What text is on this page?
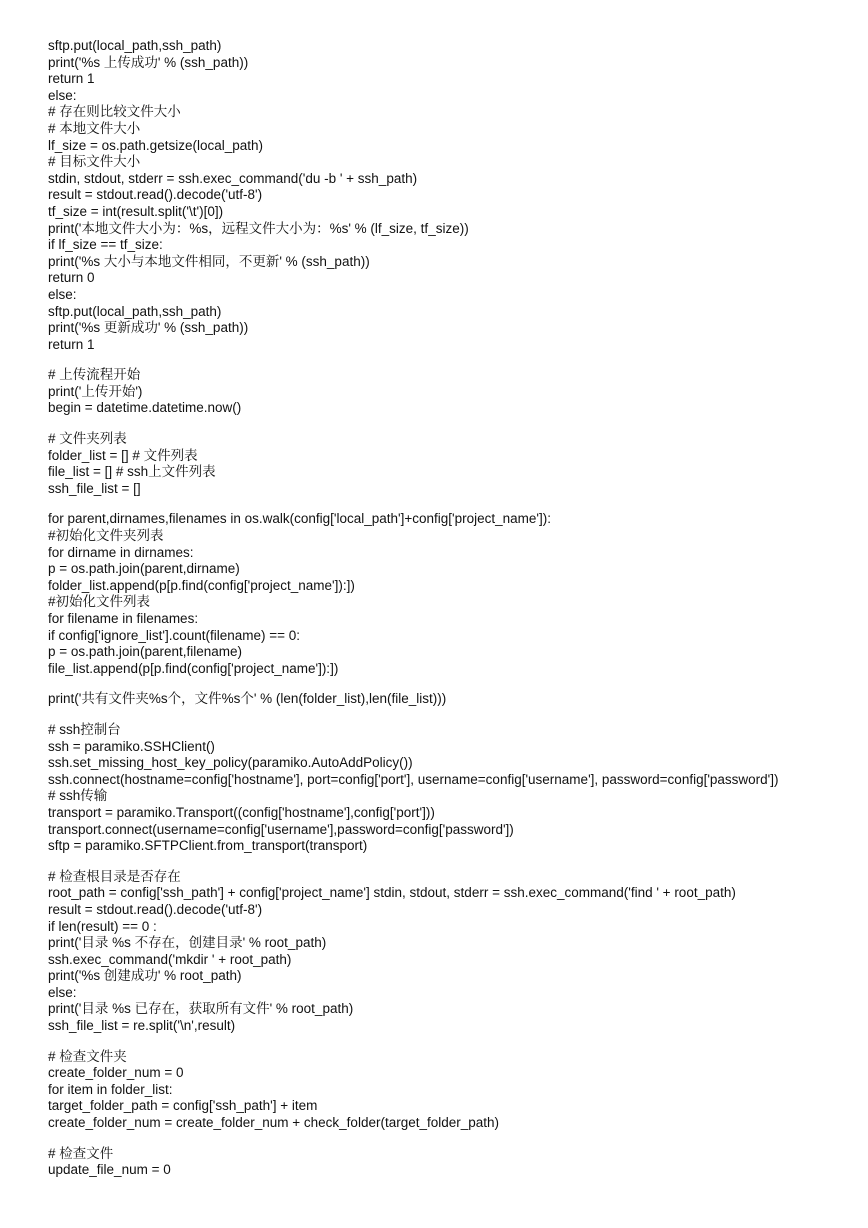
sftp.put(local_path,ssh_path)
print('%s 上传成功' % (ssh_path))
return 1
else:
# 存在则比较文件大小
# 本地文件大小
lf_size = os.path.getsize(local_path)
# 目标文件大小
stdin, stdout, stderr = ssh.exec_command('du -b ' + ssh_path)
result = stdout.read().decode('utf-8')
tf_size = int(result.split('\t')[0])
print('本地文件大小为：%s，远程文件大小为：%s' % (lf_size, tf_size))
if lf_size == tf_size:
print('%s 大小与本地文件相同，不更新' % (ssh_path))
return 0
else:
sftp.put(local_path,ssh_path)
print('%s 更新成功' % (ssh_path))
return 1
# 上传流程开始
print('上传开始')
begin = datetime.datetime.now()
# 文件夹列表
folder_list = [] # 文件列表
file_list = [] # ssh上文件列表
ssh_file_list = []
for parent,dirnames,filenames in os.walk(config['local_path']+config['project_name']):
#初始化文件夹列表
for dirname in dirnames:
p = os.path.join(parent,dirname)
folder_list.append(p[p.find(config['project_name']):])
#初始化文件列表
for filename in filenames:
if config['ignore_list'].count(filename) == 0:
p = os.path.join(parent,filename)
file_list.append(p[p.find(config['project_name']):])
print('共有文件夹%s个，文件%s个' % (len(folder_list),len(file_list)))
# ssh控制台
ssh = paramiko.SSHClient()
ssh.set_missing_host_key_policy(paramiko.AutoAddPolicy())
ssh.connect(hostname=config['hostname'], port=config['port'], username=config['username'], password=config['password'])
# ssh传输
transport = paramiko.Transport((config['hostname'],config['port']))
transport.connect(username=config['username'],password=config['password'])
sftp = paramiko.SFTPClient.from_transport(transport)
# 检查根目录是否存在
root_path = config['ssh_path'] + config['project_name'] stdin, stdout, stderr = ssh.exec_command('find ' + root_path)
result = stdout.read().decode('utf-8')
if len(result) == 0 :
print('目录 %s 不存在，创建目录' % root_path)
ssh.exec_command('mkdir ' + root_path)
print('%s 创建成功' % root_path)
else:
print('目录 %s 已存在，获取所有文件' % root_path)
ssh_file_list = re.split('\n',result)
# 检查文件夹
create_folder_num = 0
for item in folder_list:
target_folder_path = config['ssh_path'] + item
create_folder_num = create_folder_num + check_folder(target_folder_path)
# 检查文件
update_file_num = 0
